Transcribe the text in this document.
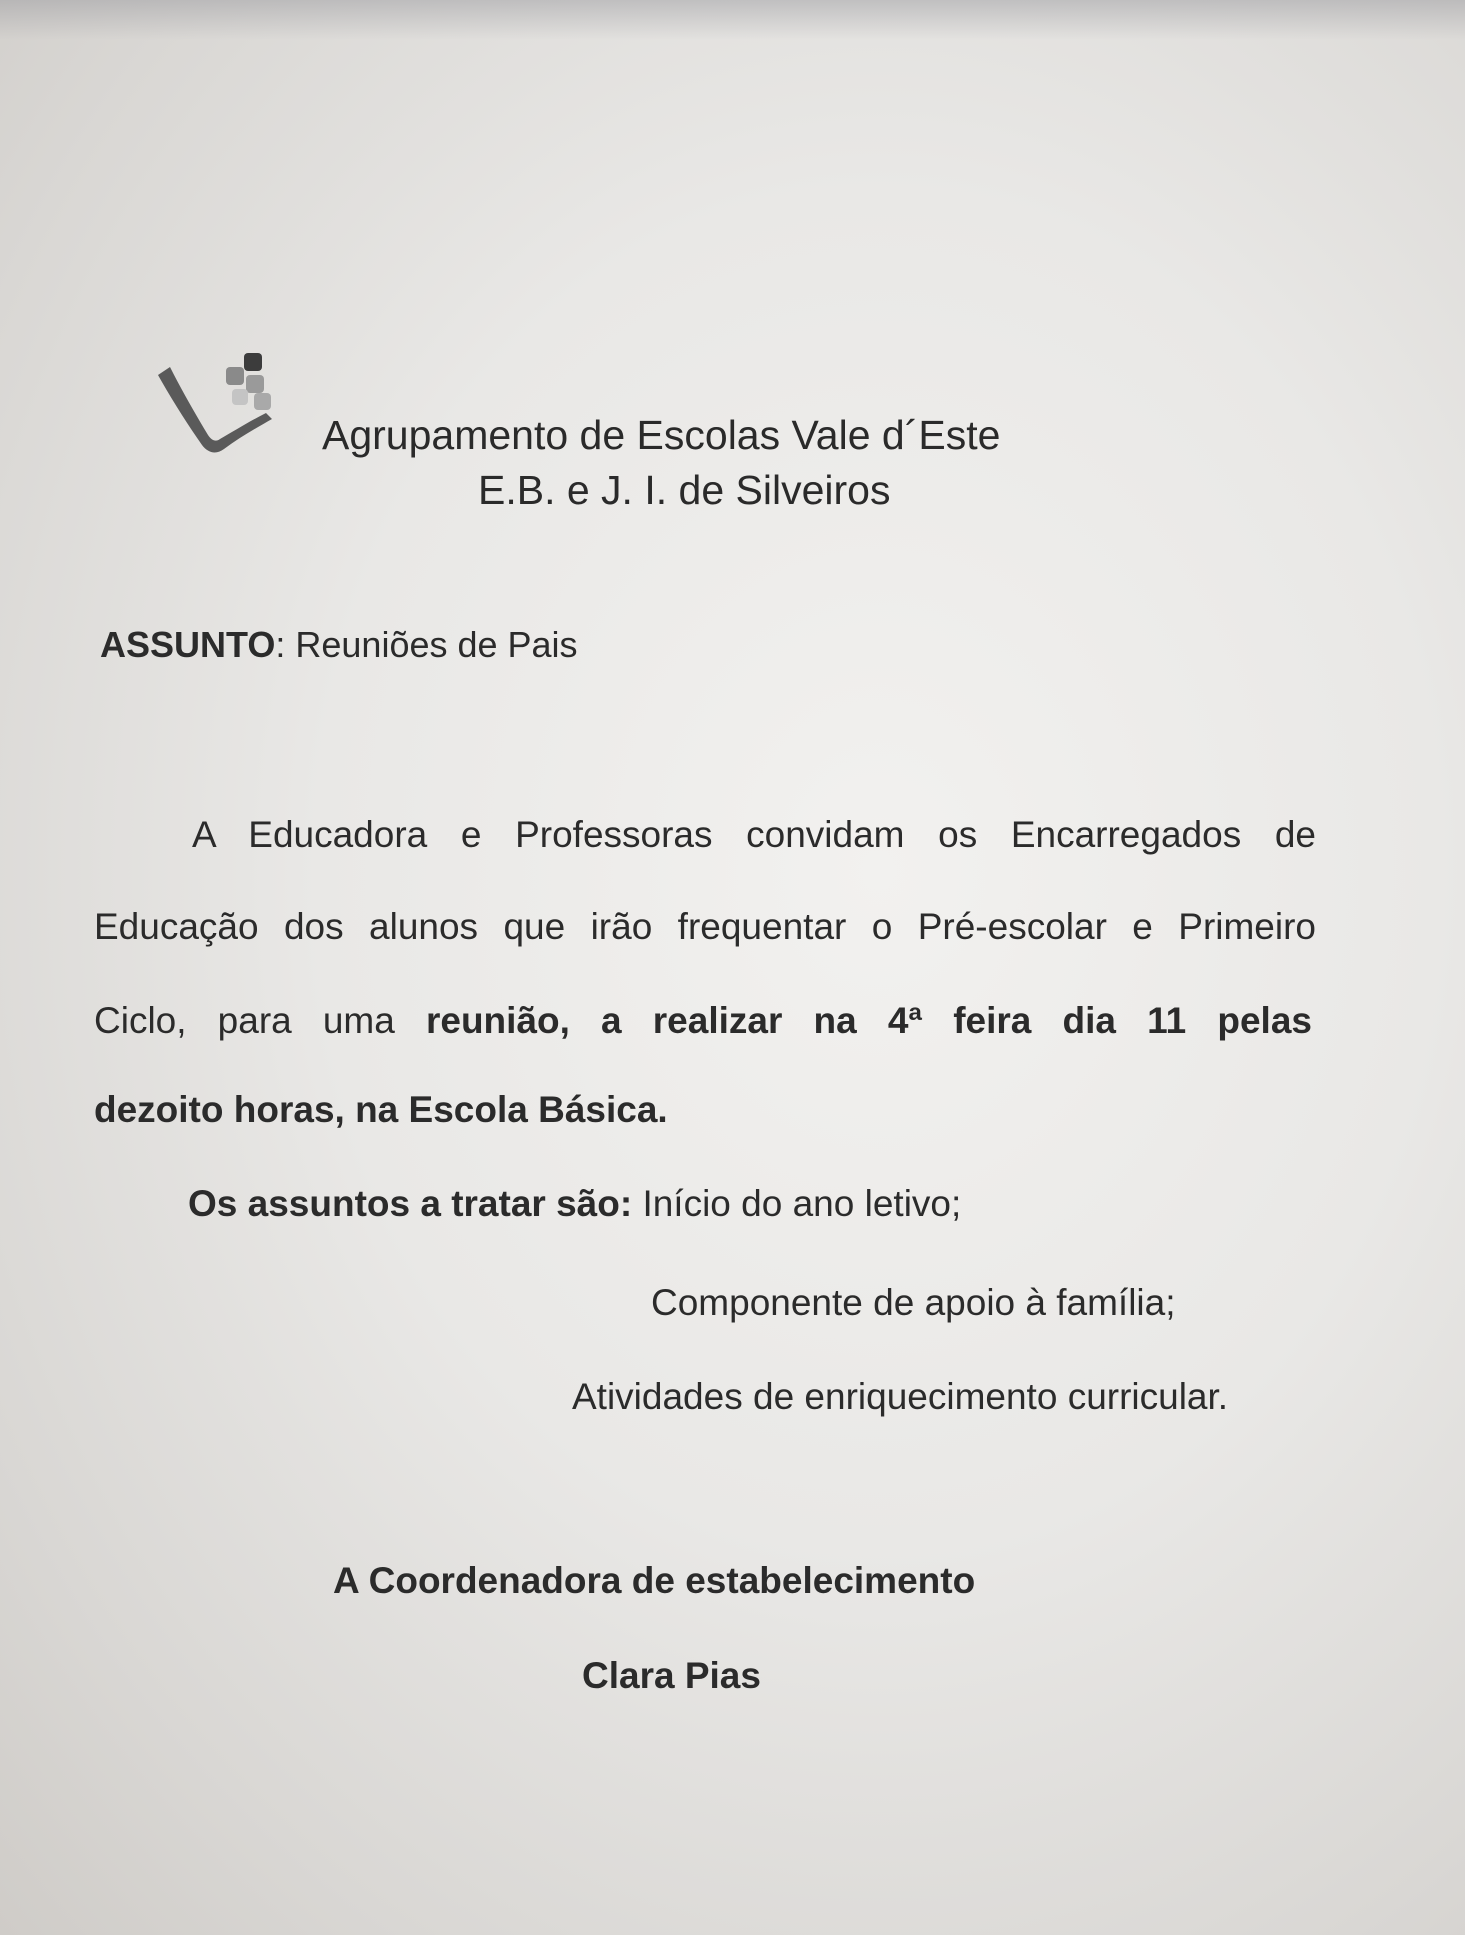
Agrupamento de Escolas Vale d´Este
E.B. e J. I. de Silveiros
ASSUNTO: Reuniões de Pais
A Educadora e Professoras convidam os Encarregados de
Educação dos alunos que irão frequentar o Pré-escolar e Primeiro
Ciclo, para uma reunião, a realizar na 4ª feira dia 11 pelas
dezoito horas, na Escola Básica.
Os assuntos a tratar são: Início do ano letivo;
Componente de apoio à família;
Atividades de enriquecimento curricular.
A Coordenadora de estabelecimento
Clara Pias
